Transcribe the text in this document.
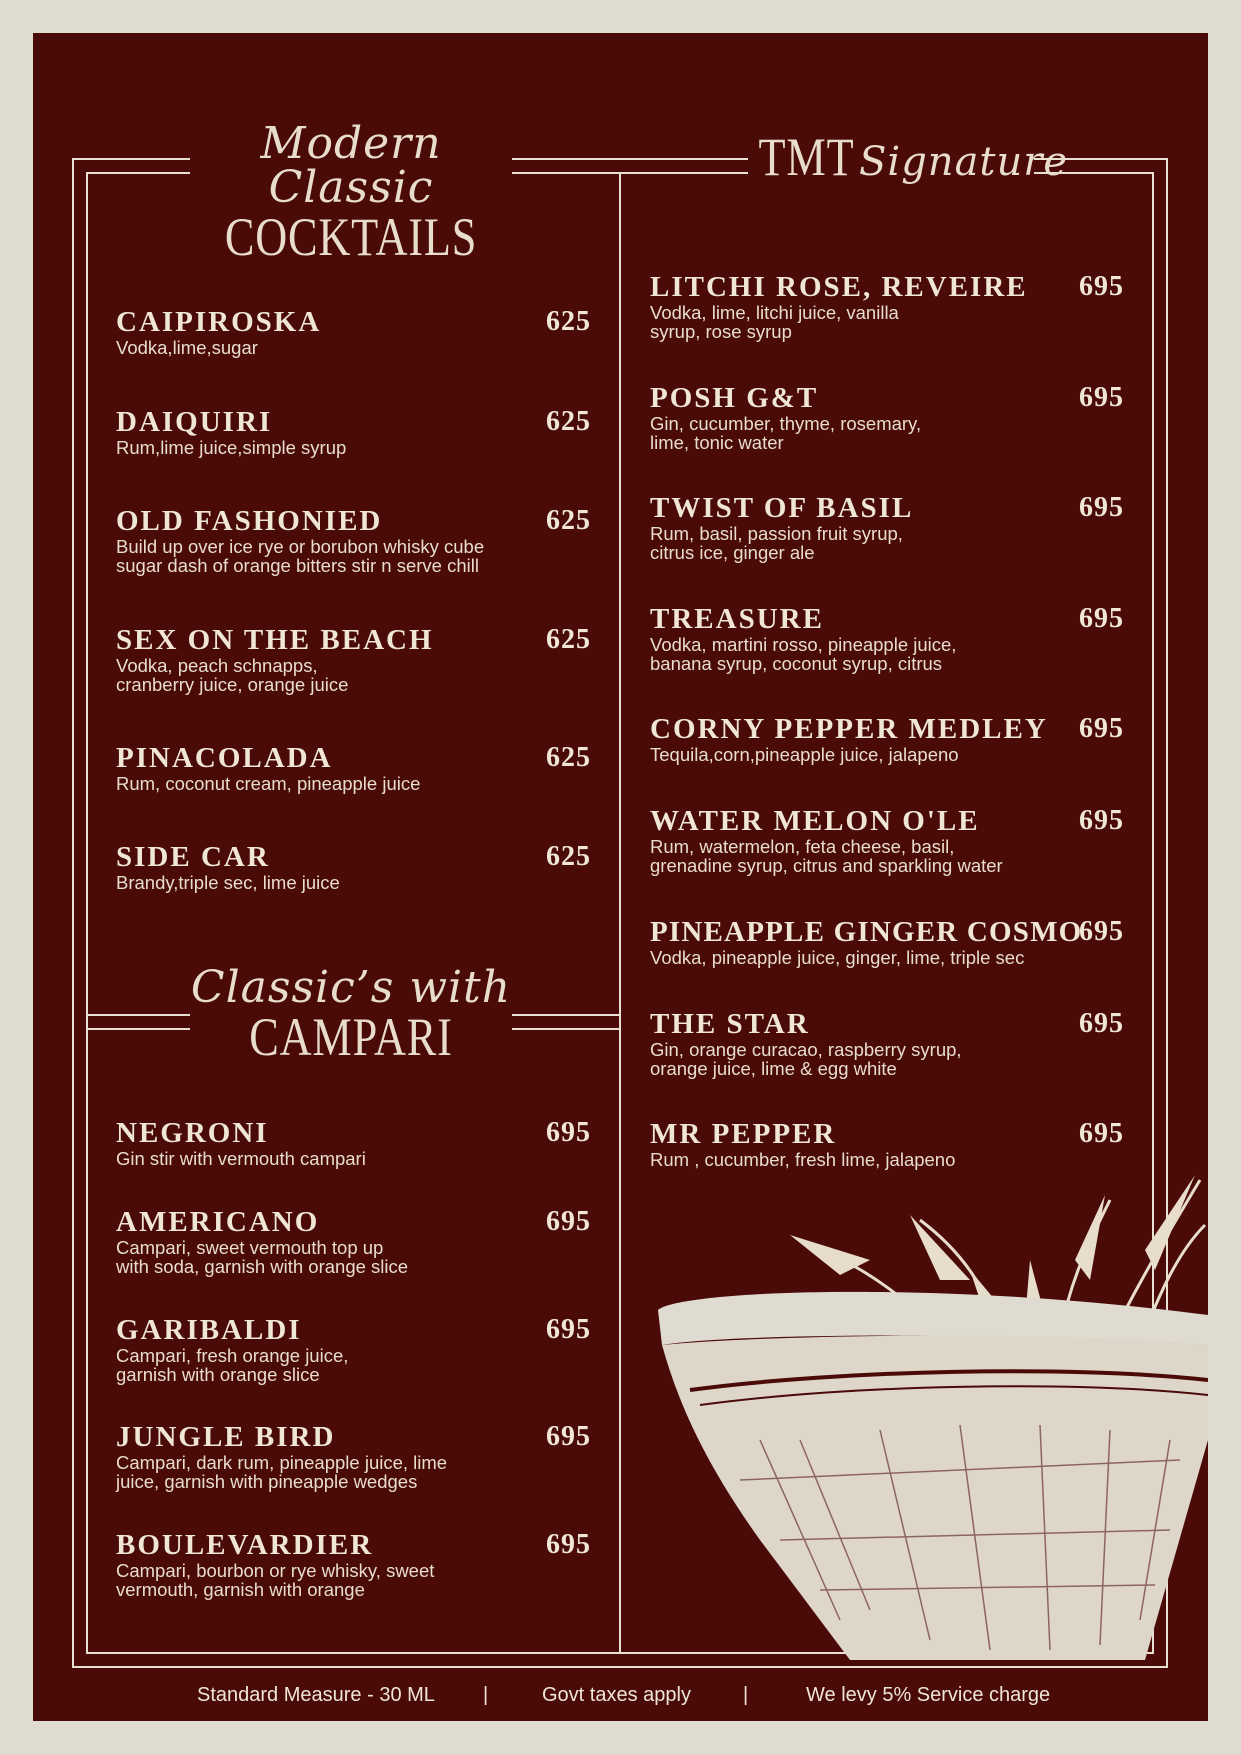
Modern Classic
COCKTAILS
TMT Signature
Classic’s with
CAMPARI
CAIPIROSKA	625
Vodka,lime,sugar
DAIQUIRI	625
Rum,lime juice,simple syrup
OLD FASHONIED	625
Build up over ice rye or borubon whisky cube
sugar dash of orange bitters stir n serve chill
SEX ON THE BEACH	625
Vodka, peach schnapps,
cranberry juice, orange juice
PINACOLADA	625
Rum, coconut cream, pineapple juice
SIDE CAR	625
Brandy,triple sec, lime juice
NEGRONI	695
Gin stir with vermouth campari
AMERICANO	695
Campari, sweet vermouth top up
with soda, garnish with orange slice
GARIBALDI	695
Campari, fresh orange juice,
garnish with orange slice
JUNGLE BIRD	695
Campari, dark rum, pineapple juice, lime
juice, garnish with pineapple wedges
BOULEVARDIER	695
Campari, bourbon or rye whisky, sweet
vermouth, garnish with orange
LITCHI ROSE, REVEIRE	695
Vodka, lime, litchi juice, vanilla
syrup, rose syrup
POSH G&T	695
Gin, cucumber, thyme, rosemary,
lime, tonic water
TWIST OF BASIL	695
Rum, basil, passion fruit syrup,
citrus ice, ginger ale
TREASURE	695
Vodka, martini rosso, pineapple juice,
banana syrup, coconut syrup, citrus
CORNY PEPPER MEDLEY	695
Tequila,corn,pineapple juice, jalapeno
WATER MELON O'LE	695
Rum, watermelon, feta cheese, basil,
grenadine syrup, citrus and sparkling water
PINEAPPLE GINGER COSMO
695
Vodka, pineapple juice, ginger, lime, triple sec
THE STAR	695
Gin, orange curacao, raspberry syrup,
orange juice, lime & egg white
MR PEPPER	695
Rum , cucumber, fresh lime, jalapeno
Standard Measure - 30 ML |	Govt taxes apply	|	We levy 5% Service charge
